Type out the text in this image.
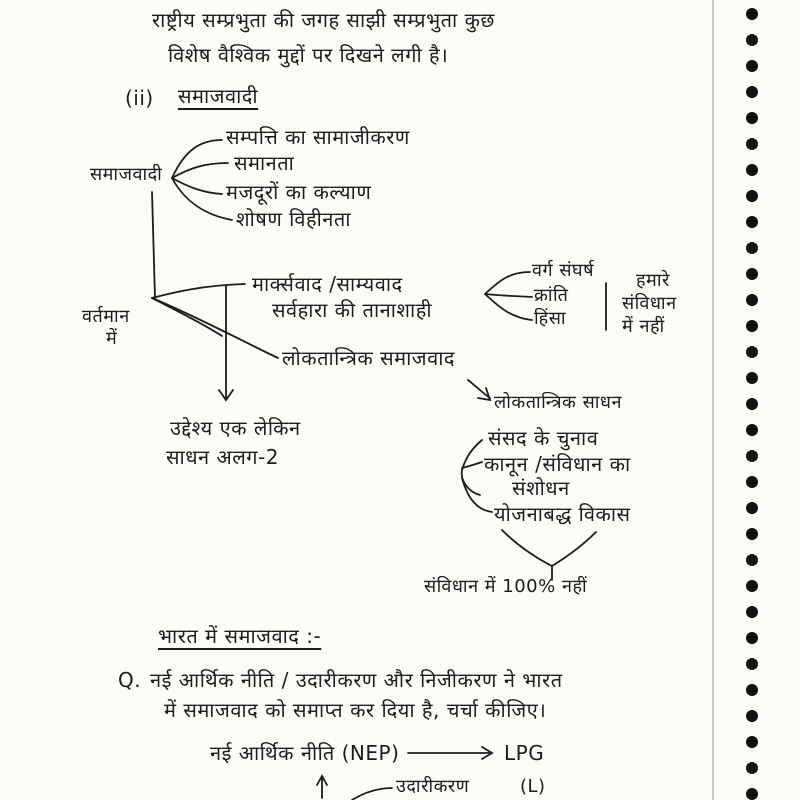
राष्ट्रीय सम्प्रभुता की जगह साझी सम्प्रभुता कुछ
विशेष वैश्विक मुद्दों पर दिखने लगी है।
(ii) समाजवादी
समाजवादी
सम्पत्ति का सामाजीकरण
समानता
मजदूरों का कल्याण
शोषण विहीनता
वर्तमान
में
मार्क्सवाद /साम्यवाद
सर्वहारा की तानाशाही
वर्ग संघर्ष
क्रांति
हिंसा
हमारे
संविधान
में नहीं
लोकतान्त्रिक समाजवाद
उद्देश्य एक लेकिन
साधन अलग-2
लोकतान्त्रिक साधन
संसद के चुनाव
कानून /संविधान का
संशोधन
योजनाबद्ध विकास
संविधान में 100% नहीं
भारत में समाजवाद :-
Q. नई आर्थिक नीति / उदारीकरण और निजीकरण ने भारत
में समाजवाद को समाप्त कर दिया है, चर्चा कीजिए।
नई आर्थिक नीति (NEP)	LPG
उदारीकरण	(L)
